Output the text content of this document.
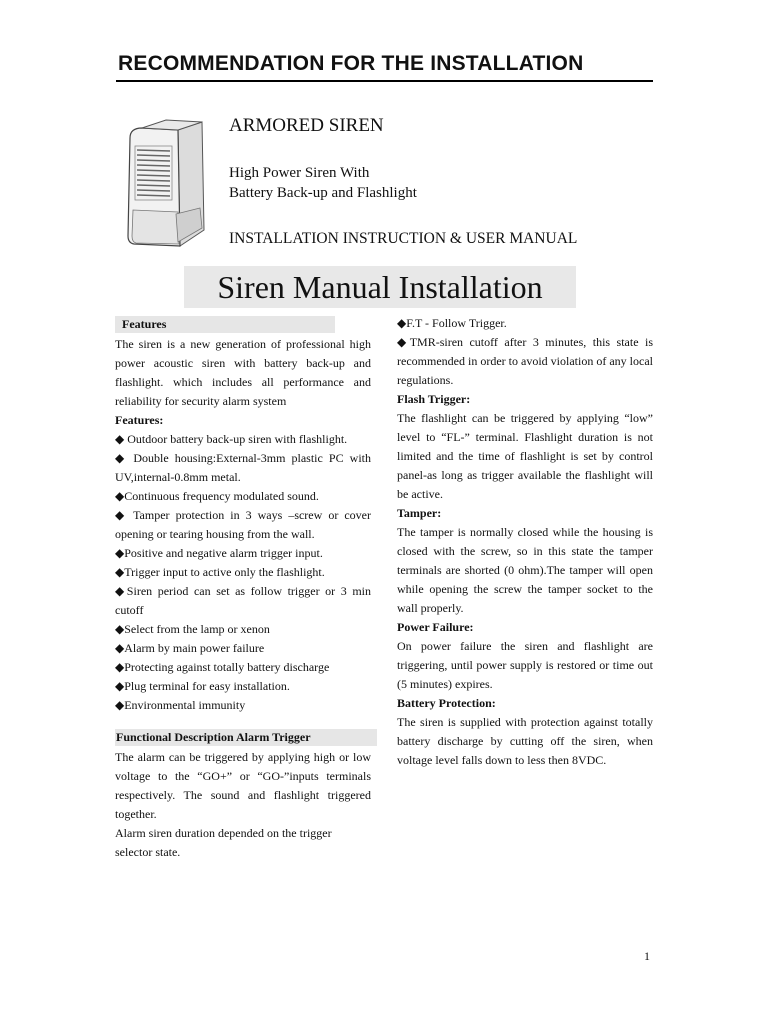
RECOMMENDATION FOR THE INSTALLATION
ARMORED SIREN
High Power Siren With
Battery Back-up and Flashlight
INSTALLATION INSTRUCTION & USER MANUAL
Siren Manual Installation
Features

The siren is a new generation of professional high power acoustic siren with battery back-up and flashlight. which includes all performance and reliability for security alarm system

Features:

◆ Outdoor battery back-up siren with flashlight.

◆ Double housing:External-3mm plastic PC with UV,internal-0.8mm metal.

◆Continuous frequency modulated sound.

◆ Tamper protection in 3 ways –screw or cover opening or tearing housing from the wall.

◆Positive and negative alarm trigger input.

◆Trigger input to active only the flashlight.

◆Siren period can set as follow trigger or 3 min cutoff

◆Select from the lamp or xenon

◆Alarm by main power failure

◆Protecting against totally battery discharge

◆Plug terminal for easy installation.

◆Environmental immunity

Functional Description Alarm Trigger

The alarm can be triggered by applying high or low voltage to the “GO+” or “GO-”inputs terminals respectively. The sound and flashlight triggered together.

Alarm siren duration depended on the trigger selector state.

◆F.T - Follow Trigger.

◆TMR-siren cutoff after 3 minutes, this state is recommended in order to avoid violation of any local regulations.

Flash Trigger:

The flashlight can be triggered by applying “low” level to “FL-” terminal. Flashlight duration is not limited and the time of flashlight is set by control panel-as long as trigger available the flashlight will be active.

Tamper:

The tamper is normally closed while the housing is closed with the screw, so in this state the tamper terminals are shorted (0 ohm).The tamper will open while opening the screw the tamper socket to the wall properly.

Power Failure:

On power failure the siren and flashlight are triggering, until power supply is restored or time out (5 minutes) expires.

Battery Protection:

The siren is supplied with protection against totally battery discharge by cutting off the siren, when voltage level falls down to less then 8VDC.

1
